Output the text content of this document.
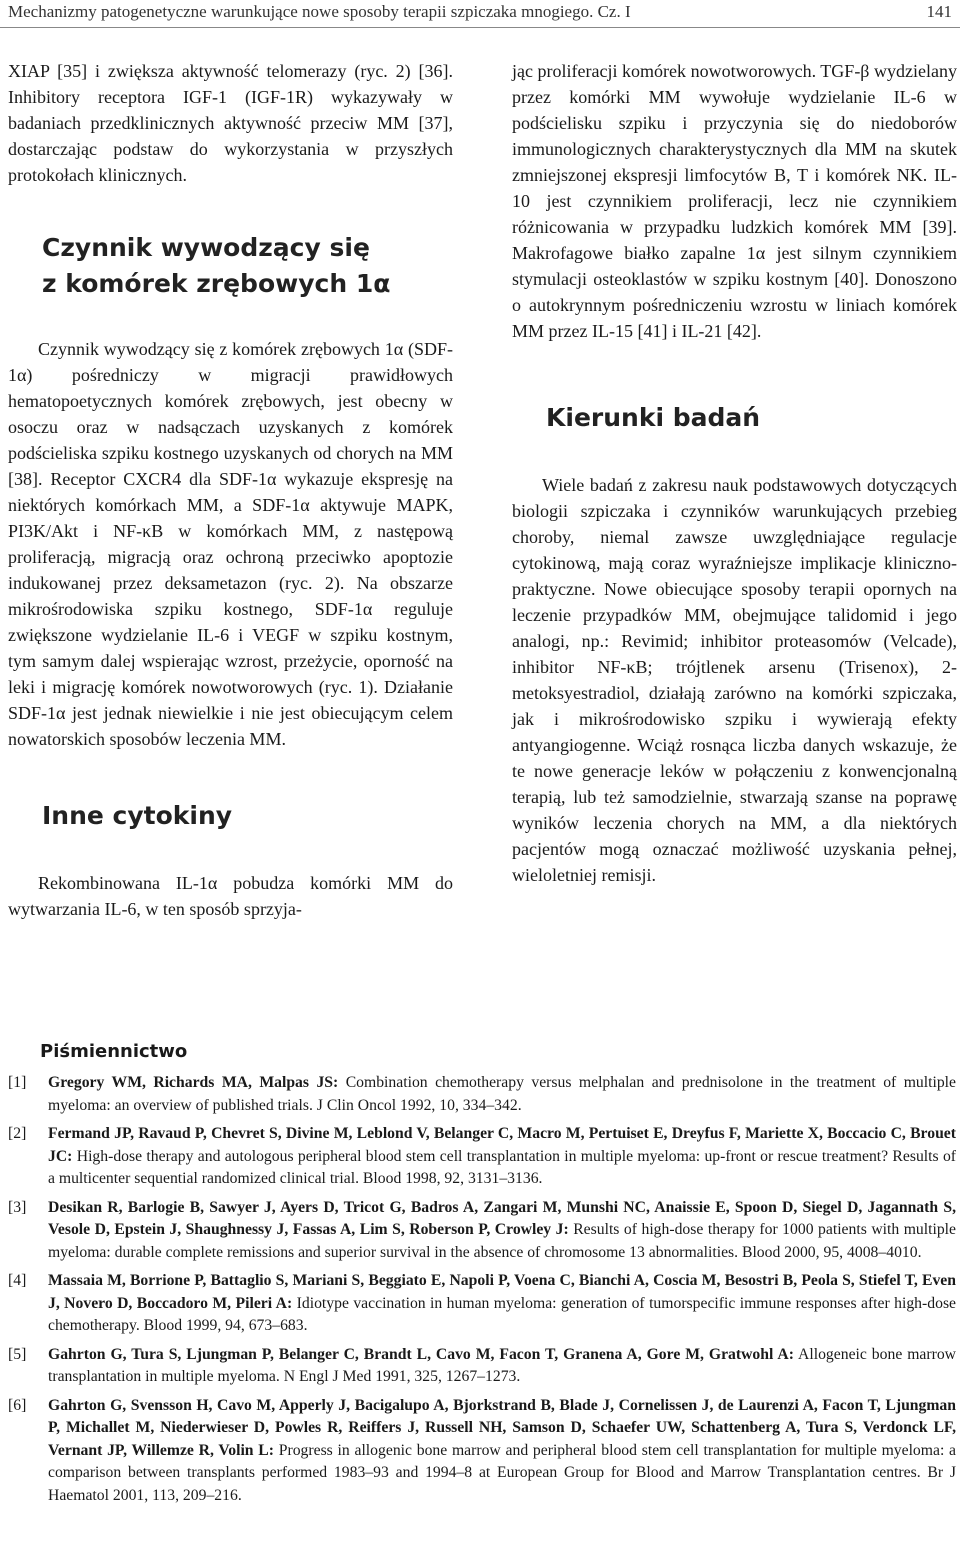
Mechanizmy patogenetyczne warunkujące nowe sposoby terapii szpiczaka mnogiego. Cz. I	141

XIAP [35] i zwiększa aktywność telomerazy (ryc. 2) [36]. Inhibitory receptora IGF-1 (IGF-1R) wykazywały w badaniach przedklinicznych aktywność przeciw MM [37], dostarczając podstaw do wykorzystania w przyszłych protokołach klinicznych.

Czynnik wywodzący się
z komórek zrębowych 1α

Czynnik wywodzący się z komórek zrębowych 1α (SDF-1α) pośredniczy w migracji prawidłowych hematopoetycznych komórek zrębowych, jest obecny w osoczu oraz w nadsączach uzyskanych z komórek podścieliska szpiku kostnego uzyskanych od chorych na MM [38]. Receptor CXCR4 dla SDF-1α wykazuje ekspresję na niektórych komórkach MM, a SDF-1α aktywuje MAPK, PI3K/Akt i NF-κB w komórkach MM, z następową proliferacją, migracją oraz ochroną przeciwko apoptozie indukowanej przez deksametazon (ryc. 2). Na obszarze mikrośrodowiska szpiku kostnego, SDF-1α reguluje zwiększone wydzielanie IL-6 i VEGF w szpiku kostnym, tym samym dalej wspierając wzrost, przeżycie, oporność na leki i migrację komórek nowotworowych (ryc. 1). Działanie SDF-1α jest jednak niewielkie i nie jest obiecującym celem nowatorskich sposobów leczenia MM.

Inne cytokiny

Rekombinowana IL-1α pobudza komórki MM do wytwarzania IL-6, w ten sposób sprzyja-

jąc proliferacji komórek nowotworowych. TGF-β wydzielany przez komórki MM wywołuje wydzielanie IL-6 w podścielisku szpiku i przyczynia się do niedoborów immunologicznych charakterystycznych dla MM na skutek zmniejszonej ekspresji limfocytów B, T i komórek NK. IL-10 jest czynnikiem proliferacji, lecz nie czynnikiem różnicowania w przypadku ludzkich komórek MM [39]. Makrofagowe białko zapalne 1α jest silnym czynnikiem stymulacji osteoklastów w szpiku kostnym [40]. Donoszono o autokrynnym pośredniczeniu wzrostu w liniach komórek MM przez IL-15 [41] i IL-21 [42].

Kierunki badań

Wiele badań z zakresu nauk podstawowych dotyczących biologii szpiczaka i czynników warunkujących przebieg choroby, niemal zawsze uwzględniające regulacje cytokinową, mają coraz wyraźniejsze implikacje kliniczno-praktyczne. Nowe obiecujące sposoby terapii opornych na leczenie przypadków MM, obejmujące talidomid i jego analogi, np.: Revimid; inhibitor proteasomów (Velcade), inhibitor NF-κB; trójtlenek arsenu (Trisenox), 2-metoksyestradiol, działają zarówno na komórki szpiczaka, jak i mikrośrodowisko szpiku i wywierają efekty antyangiogenne. Wciąż rosnąca liczba danych wskazuje, że te nowe generacje leków w połączeniu z konwencjonalną terapią, lub też samodzielnie, stwarzają szanse na poprawę wyników leczenia chorych na MM, a dla niektórych pacjentów mogą oznaczać możliwość uzyskania pełnej, wieloletniej remisji.

Piśmiennictwo
[1] Gregory WM, Richards MA, Malpas JS: Combination chemotherapy versus melphalan and prednisolone in the treatment of multiple myeloma: an overview of published trials. J Clin Oncol 1992, 10, 334–342.
[2] Fermand JP, Ravaud P, Chevret S, Divine M, Leblond V, Belanger C, Macro M, Pertuiset E, Dreyfus F, Mariette X, Boccacio C, Brouet JC: High-dose therapy and autologous peripheral blood stem cell transplantation in multiple myeloma: up-front or rescue treatment? Results of a multicenter sequential randomized clinical trial. Blood 1998, 92, 3131–3136.
[3] Desikan R, Barlogie B, Sawyer J, Ayers D, Tricot G, Badros A, Zangari M, Munshi NC, Anaissie E, Spoon D, Siegel D, Jagannath S, Vesole D, Epstein J, Shaughnessy J, Fassas A, Lim S, Roberson P, Crowley J: Results of high-dose therapy for 1000 patients with multiple myeloma: durable complete remissions and superior survival in the absence of chromosome 13 abnormalities. Blood 2000, 95, 4008–4010.
[4] Massaia M, Borrione P, Battaglio S, Mariani S, Beggiato E, Napoli P, Voena C, Bianchi A, Coscia M, Besostri B, Peola S, Stiefel T, Even J, Novero D, Boccadoro M, Pileri A: Idiotype vaccination in human myeloma: generation of tumorspecific immune responses after high-dose chemotherapy. Blood 1999, 94, 673–683.
[5] Gahrton G, Tura S, Ljungman P, Belanger C, Brandt L, Cavo M, Facon T, Granena A, Gore M, Gratwohl A: Allogeneic bone marrow transplantation in multiple myeloma. N Engl J Med 1991, 325, 1267–1273.
[6] Gahrton G, Svensson H, Cavo M, Apperly J, Bacigalupo A, Bjorkstrand B, Blade J, Cornelissen J, de Laurenzi A, Facon T, Ljungman P, Michallet M, Niederwieser D, Powles R, Reiffers J, Russell NH, Samson D, Schaefer UW, Schattenberg A, Tura S, Verdonck LF, Vernant JP, Willemze R, Volin L: Progress in allogenic bone marrow and peripheral blood stem cell transplantation for multiple myeloma: a comparison between transplants performed 1983–93 and 1994–8 at European Group for Blood and Marrow Transplantation centres. Br J Haematol 2001, 113, 209–216.
